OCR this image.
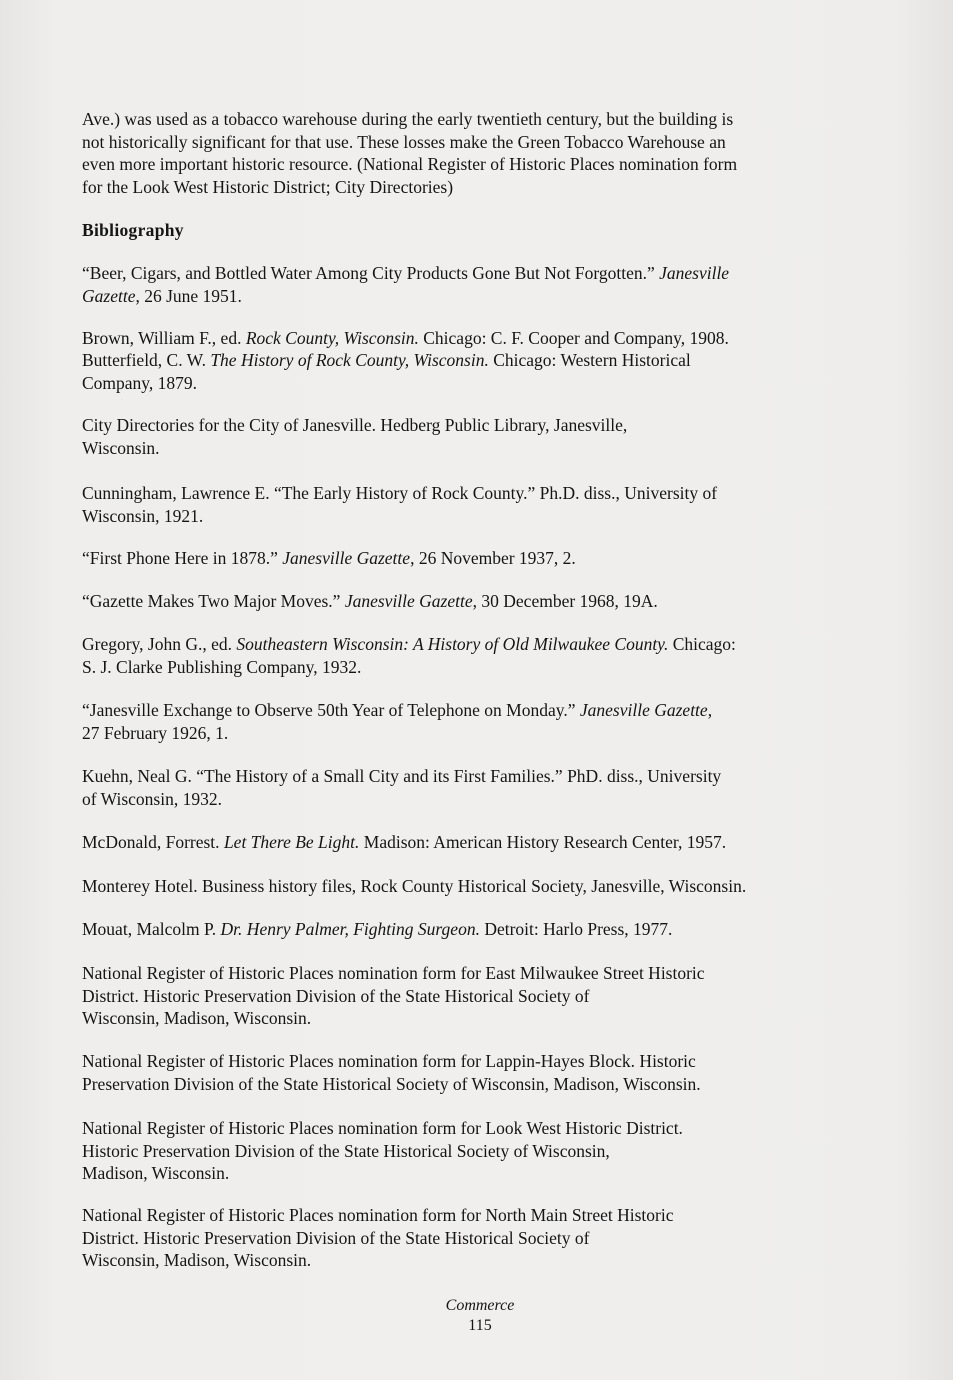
Ave.) was used as a tobacco warehouse during the early twentieth century, but the building is
not historically significant for that use. These losses make the Green Tobacco Warehouse an
even more important historic resource. (National Register of Historic Places nomination form
for the Look West Historic District; City Directories)

Bibliography

“Beer, Cigars, and Bottled Water Among City Products Gone But Not Forgotten.” Janesville
Gazette, 26 June 1951.

Brown, William F., ed. Rock County, Wisconsin. Chicago: C. F. Cooper and Company, 1908.

Butterfield, C. W. The History of Rock County, Wisconsin. Chicago: Western Historical
Company, 1879.

City Directories for the City of Janesville. Hedberg Public Library, Janesville,
Wisconsin.

Cunningham, Lawrence E. “The Early History of Rock County.” Ph.D. diss., University of
Wisconsin, 1921.

“First Phone Here in 1878.” Janesville Gazette, 26 November 1937, 2.

“Gazette Makes Two Major Moves.” Janesville Gazette, 30 December 1968, 19A.

Gregory, John G., ed. Southeastern Wisconsin: A History of Old Milwaukee County. Chicago:
S. J. Clarke Publishing Company, 1932.

“Janesville Exchange to Observe 50th Year of Telephone on Monday.” Janesville Gazette,
27 February 1926, 1.

Kuehn, Neal G. “The History of a Small City and its First Families.” PhD. diss., University
of Wisconsin, 1932.

McDonald, Forrest. Let There Be Light. Madison: American History Research Center, 1957.

Monterey Hotel. Business history files, Rock County Historical Society, Janesville, Wisconsin.

Mouat, Malcolm P. Dr. Henry Palmer, Fighting Surgeon. Detroit: Harlo Press, 1977.

National Register of Historic Places nomination form for East Milwaukee Street Historic
District. Historic Preservation Division of the State Historical Society of
Wisconsin, Madison, Wisconsin.

National Register of Historic Places nomination form for Lappin-Hayes Block. Historic
Preservation Division of the State Historical Society of Wisconsin, Madison, Wisconsin.

National Register of Historic Places nomination form for Look West Historic District.
Historic Preservation Division of the State Historical Society of Wisconsin,
Madison, Wisconsin.

National Register of Historic Places nomination form for North Main Street Historic
District. Historic Preservation Division of the State Historical Society of
Wisconsin, Madison, Wisconsin.

Commerce
115
